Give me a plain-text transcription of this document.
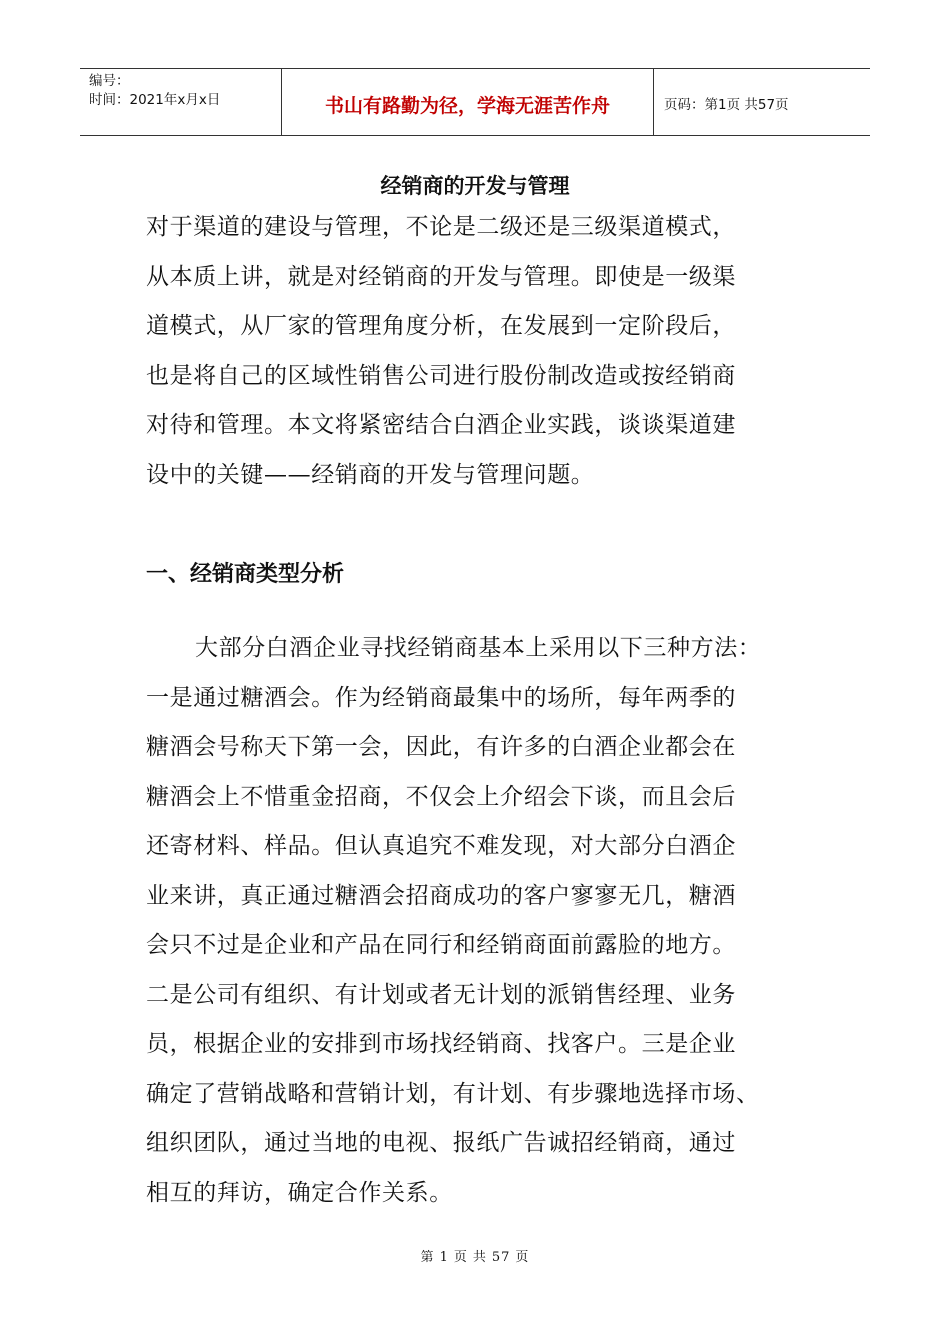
编号：
时间：2021年x月x日	书山有路勤为径，学海无涯苦作舟	页码：第1页 共57页
经销商的开发与管理
对于渠道的建设与管理，不论是二级还是三级渠道模式，
从本质上讲，就是对经销商的开发与管理。即使是一级渠
道模式，从厂家的管理角度分析，在发展到一定阶段后，
也是将自己的区域性销售公司进行股份制改造或按经销商
对待和管理。本文将紧密结合白酒企业实践，谈谈渠道建
设中的关键——经销商的开发与管理问题。
一、经销商类型分析
大部分白酒企业寻找经销商基本上采用以下三种方法：
一是通过糖酒会。作为经销商最集中的场所，每年两季的
糖酒会号称天下第一会，因此，有许多的白酒企业都会在
糖酒会上不惜重金招商，不仅会上介绍会下谈，而且会后
还寄材料、样品。但认真追究不难发现，对大部分白酒企
业来讲，真正通过糖酒会招商成功的客户寥寥无几，糖酒
会只不过是企业和产品在同行和经销商面前露脸的地方。
二是公司有组织、有计划或者无计划的派销售经理、业务
员，根据企业的安排到市场找经销商、找客户。三是企业
确定了营销战略和营销计划，有计划、有步骤地选择市场、
组织团队，通过当地的电视、报纸广告诚招经销商，通过
相互的拜访，确定合作关系。
第 1 页 共 57 页
